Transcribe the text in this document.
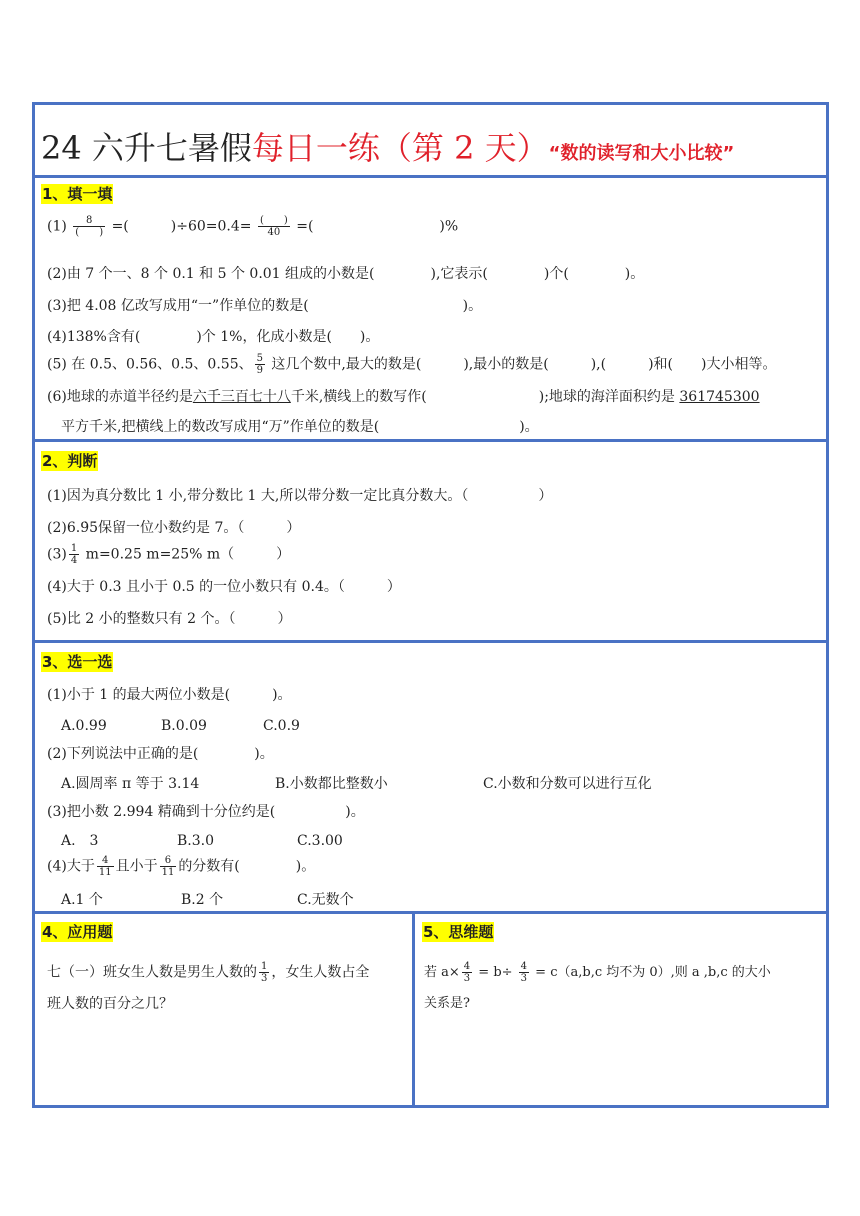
24 六升七暑假每日一练（第 2 天）“数的读写和大小比较”
1、填一填
$(1) \frac{8}{( )}$ =(　　　)$\div 60=0.4= \frac{( )}{40}$ =(　　　　　　　　　)%
(2)由 7 个一、8 个 0.1 和 5 个 0.01 组成的小数是(　　　　),它表示(　　　　)个(　　　　)。
(3)把 4.08 亿改写成用“一”作单位的数是(　　　　　　　　　　　)。
(4)138%含有(　　　　)个 1%，化成小数是(　　)。
(5) 在 0.5、0.56、0.5̇、0.55、 $\frac{5}{9}$ 这几个数中,最大的数是(　　　),最小的数是(　　　),(　　　)和(　　)大小相等。
(6)地球的赤道半径约是六千三百七十八千米,横线上的数写作(　　　　　　　　);地球的海洋面积约是 361745300
平方千米,把横线上的数改写成用“万”作单位的数是(　　　　　　　　　　)。
2、判断
(1)因为真分数比 1 小,带分数比 1 大,所以带分数一定比真分数大。（　　　　　）
(2)6.9̇5̇保留一位小数约是 7。（　　　）
$(3) \frac{1}{4} m=0.25$ m=25% m（　　　）
(4)大于 0.3 且小于 0.5 的一位小数只有 0.4。（　　　）
(5)比 2 小的整数只有 2 个。（　　　）
3、选一选
(1)小于 1 的最大两位小数是(　　　)。
A.0.99	B.0.09	C.0.9
(2)下列说法中正确的是(　　　　)。
A.圆周率 π 等于 3.14	B.小数都比整数小	C.小数和分数可以进行互化
(3)把小数 2.994 精确到十分位约是(　　　　　)。
A.　3	B.3.0	C.3.00
(4)大于 $\frac{4}{11}$ 且小于 $\frac{6}{11}$ 的分数有(　　　　)。
A.1 个	B.2 个	C.无数个
4、应用题
七（一）班女生人数是男生人数的 $\frac{1}{3}$ ，女生人数占全
班人数的百分之几？
5、思维题
若 $a\times \frac{4}{3} = b\div \frac{4}{3} = c(a,b,c$ 均不为 0）,则 a ,b,c 的大小
关系是?
